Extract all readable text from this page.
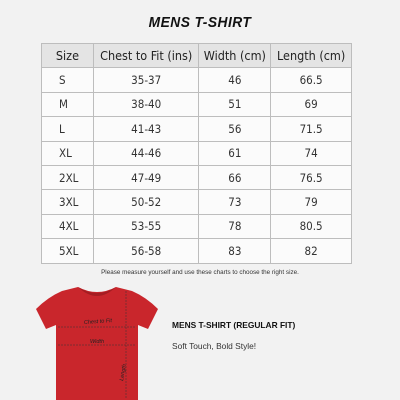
MENS T-SHIRT
Size	Chest to Fit (ins)	Width (cm)	Length (cm)
S	35-37	46	66.5
M	38-40	51	69
L	41-43	56	71.5
XL	44-46	61	74
2XL	47-49	66	76.5
3XL	50-52	73	79
4XL	53-55	78	80.5
5XL	56-58	83	82
Please measure yourself and use these charts to choose the right size.
Chest to Fit
Width
Length
MENS T-SHIRT (REGULAR FIT)
Soft Touch, Bold Style!
